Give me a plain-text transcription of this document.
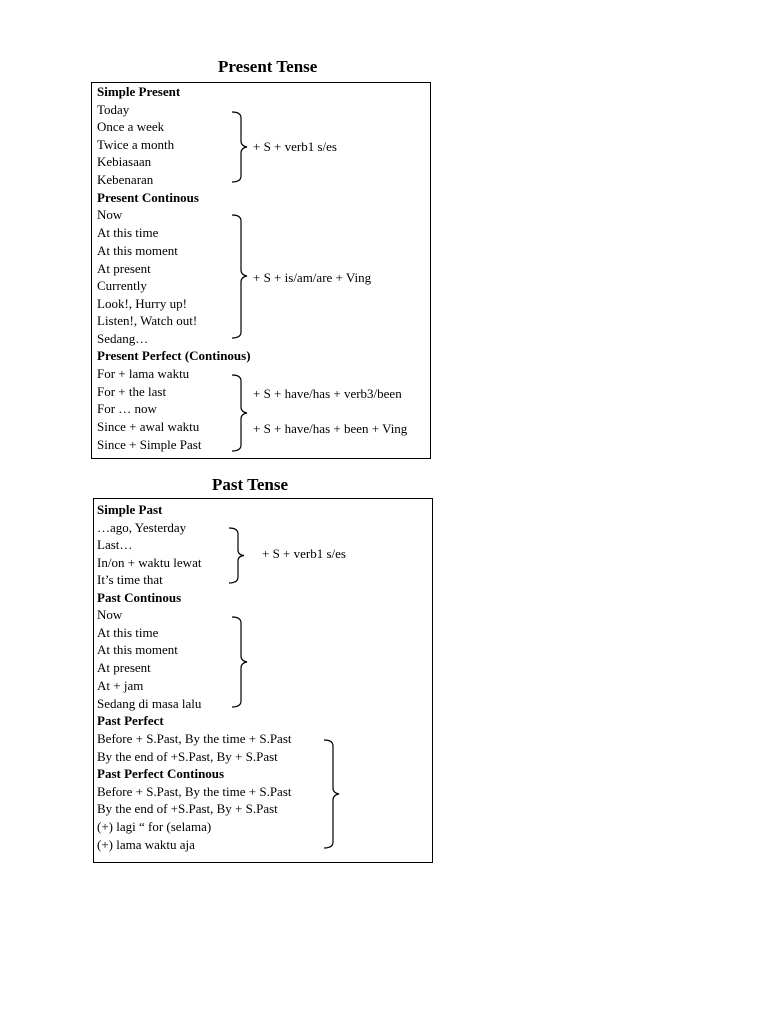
Present Tense
Simple Present
Today
Once a week
Twice a month
Kebiasaan
Kebenaran
+ S + verb1 s/es
Present Continous
Now
At this time
At this moment
At present
Currently
Look!, Hurry up!
Listen!, Watch out!
Sedang…
+ S + is/am/are + Ving
Present Perfect (Continous)
For + lama waktu
For + the last
For … now
Since + awal waktu
Since + Simple Past
+ S + have/has + verb3/been
+ S + have/has + been + Ving
Past Tense
Simple Past
…ago, Yesterday
Last…
In/on + waktu lewat
It’s time that
+ S + verb1 s/es
Past Continous
Now
At this time
At this moment
At present
At + jam
Sedang di masa lalu
Past Perfect
Before + S.Past, By the time + S.Past
By the end of +S.Past, By + S.Past
Past Perfect Continous
Before + S.Past, By the time + S.Past
By the end of +S.Past, By + S.Past
(+) lagi “ for (selama)
(+) lama waktu aja
